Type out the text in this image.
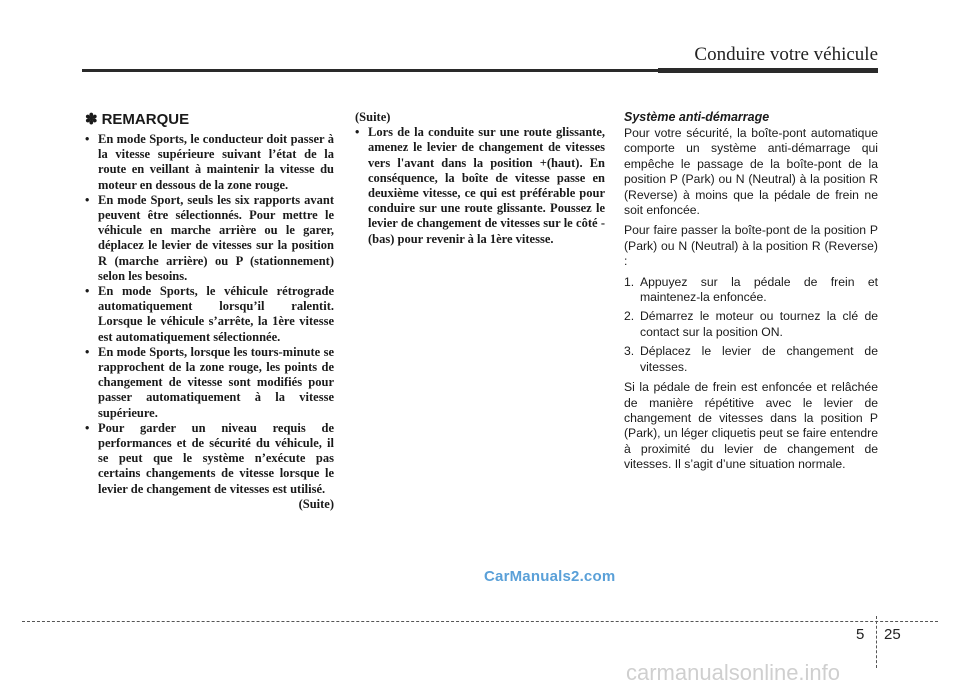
Conduire votre véhicule
✽ REMARQUE
• En mode Sports, le conducteur doit passer à la vitesse supérieure suivant l’état de la route en veillant à maintenir la vitesse du moteur en dessous de la zone rouge.
• En mode Sport, seuls les six rapports avant peuvent être sélectionnés. Pour mettre le véhicule en marche arrière ou le garer, déplacez le levier de vitesses sur la position R (marche arrière) ou P (stationnement) selon les besoins.
• En mode Sports, le véhicule rétrograde automatiquement lorsqu’il ralentit. Lorsque le véhicule s’arrête, la 1ère vitesse est automatiquement sélectionnée.
• En mode Sports, lorsque les tours-minute se rapprochent de la zone rouge, les points de changement de vitesse sont modifiés pour passer automatiquement à la vitesse supérieure.
• Pour garder un niveau requis de performances et de sécurité du véhicule, il se peut que le système n’exécute pas certains changements de vitesse lorsque le levier de changement de vitesses est utilisé.
(Suite)
(Suite)
• Lors de la conduite sur une route glissante, amenez le levier de changement de vitesses vers l'avant dans la position +(haut). En conséquence, la boîte de vitesse passe en deuxième vitesse, ce qui est préférable pour conduire sur une route glissante. Poussez le levier de changement de vitesses sur le côté - (bas) pour revenir à la 1ère vitesse.
Système anti-démarrage

Pour votre sécurité, la boîte-pont automatique comporte un système anti-démarrage qui empêche le passage de la boîte-pont de la position P (Park) ou N (Neutral) à la position R (Reverse) à moins que la pédale de frein ne soit enfoncée.

Pour faire passer la boîte-pont de la position P (Park) ou N (Neutral) à la position R (Reverse) :

1. Appuyez sur la pédale de frein et maintenez-la enfoncée.
2. Démarrez le moteur ou tournez la clé de contact sur la position ON.
3. Déplacez le levier de changement de vitesses.

Si la pédale de frein est enfoncée et relâchée de manière répétitive avec le levier de changement de vitesses dans la position P (Park), un léger cliquetis peut se faire entendre à proximité du levier de changement de vitesses. Il s’agit d’une situation normale.

CarManuals2.com
5 25
carmanualsonline.info
